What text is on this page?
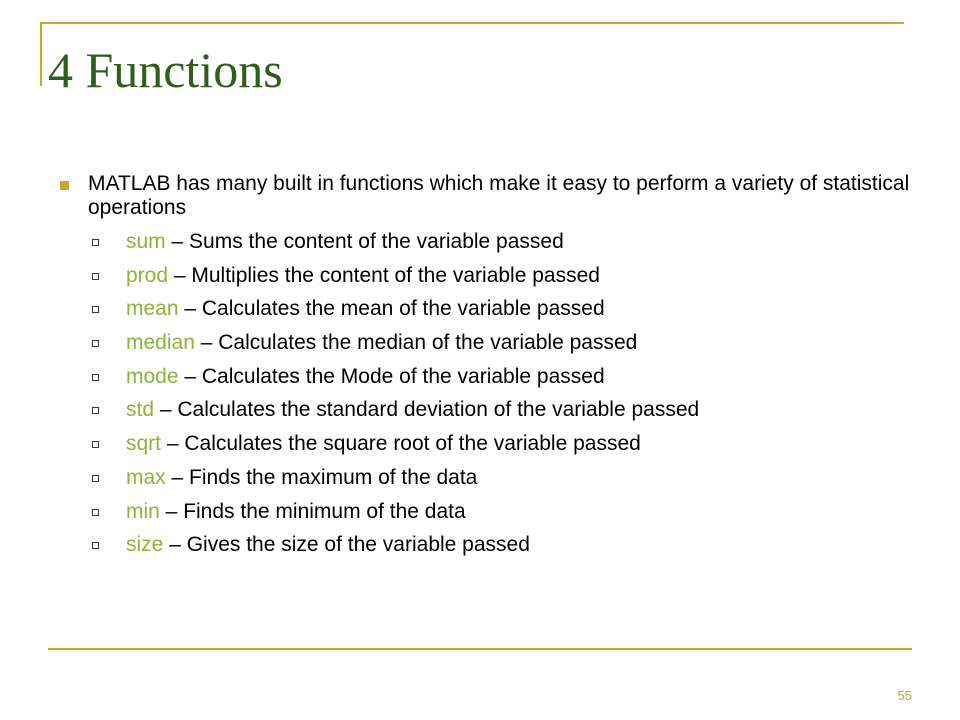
4 Functions
MATLAB has many built in functions which make it easy to perform a variety of statistical operations
sum – Sums the content of the variable passed
prod – Multiplies the content of the variable passed
mean – Calculates the mean of the variable passed
median – Calculates the median of the variable passed
mode – Calculates the Mode of the variable passed
std – Calculates the standard deviation of the variable passed
sqrt – Calculates the square root of the variable passed
max – Finds the maximum of the data
min – Finds the minimum of the data
size – Gives the size of the variable passed
55
